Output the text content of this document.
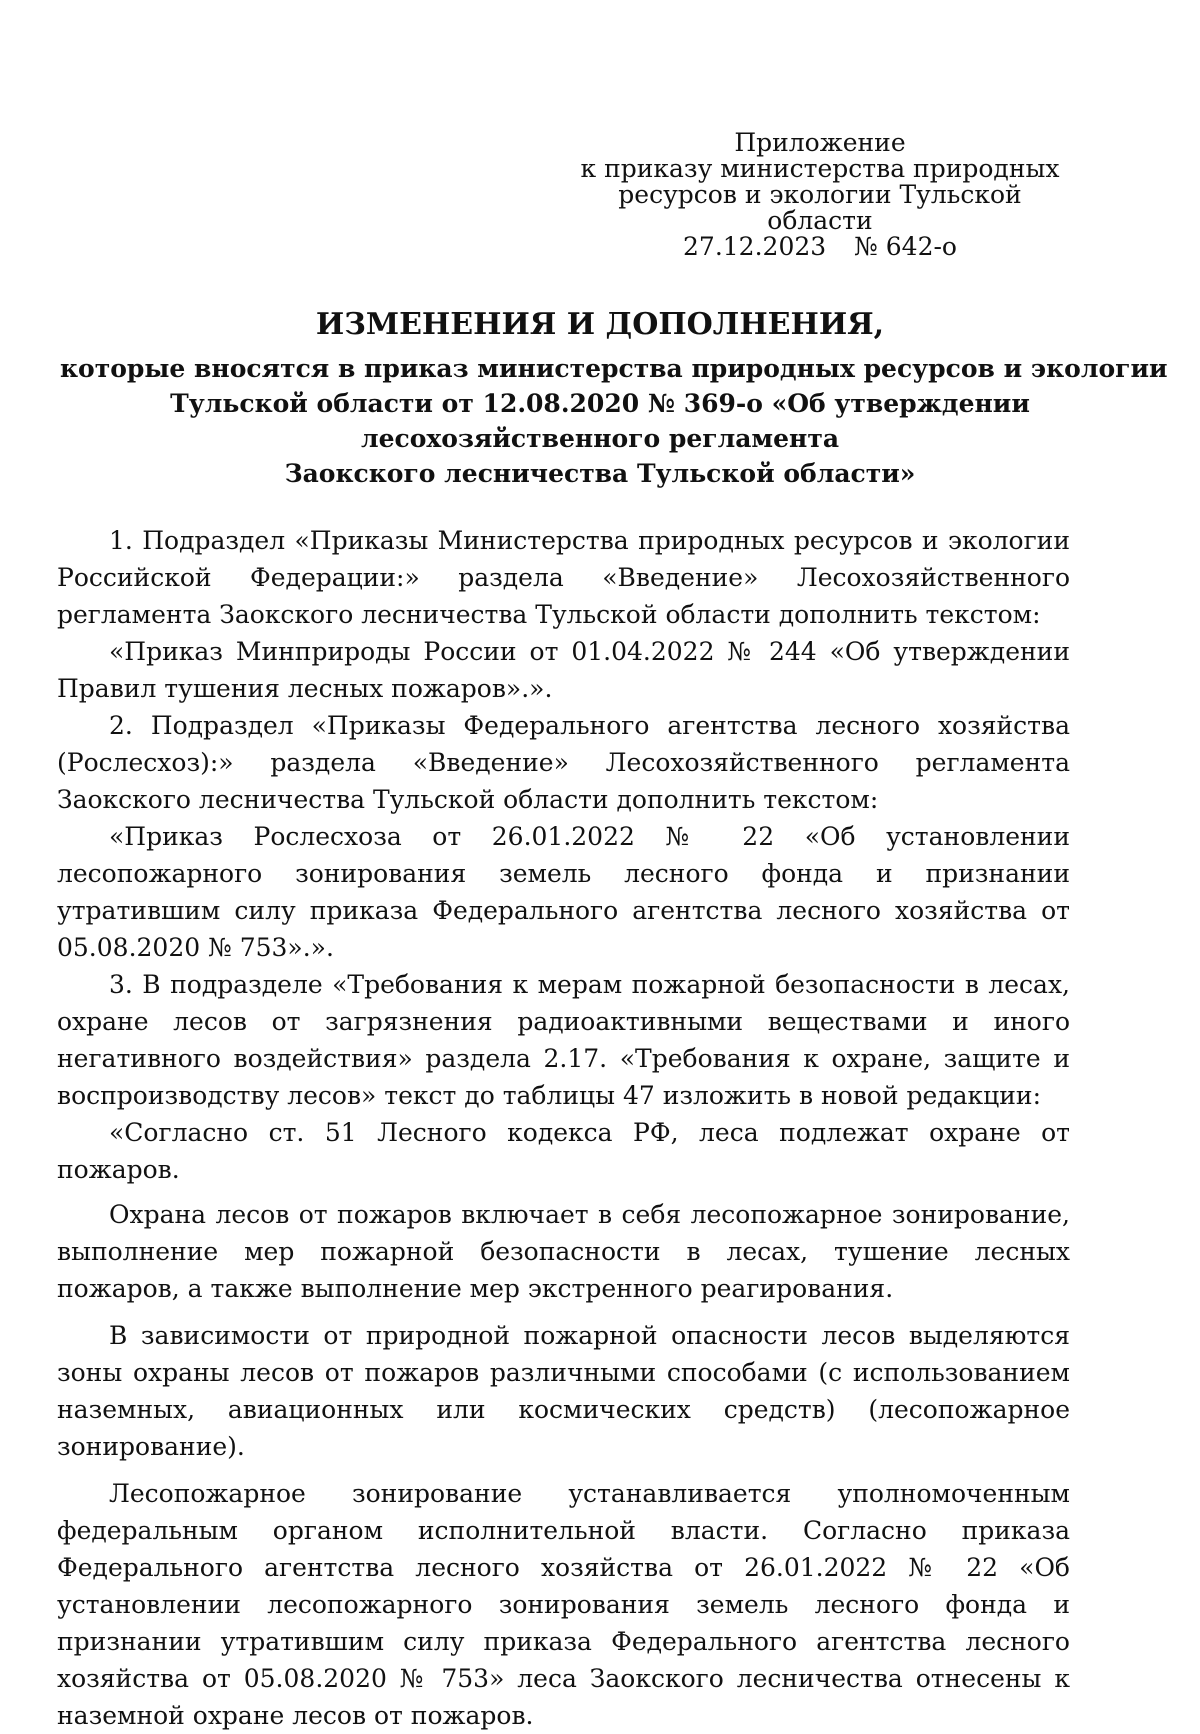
Приложение
к приказу министерства природных
ресурсов и экологии Тульской
области
27.12.2023 № 642-о
ИЗМЕНЕНИЯ И ДОПОЛНЕНИЯ,
которые вносятся в приказ министерства природных ресурсов и экологии
Тульской области от 12.08.2020 № 369-о «Об утверждении
лесохозяйственного регламента
Заокского лесничества Тульской области»

1. Подраздел «Приказы Министерства природных ресурсов и экологии Российской Федерации:» раздела «Введение» Лесохозяйственного регламента Заокского лесничества Тульской области дополнить текстом:

«Приказ Минприроды России от 01.04.2022 № 244 «Об утверждении Правил тушения лесных пожаров».».

2. Подраздел «Приказы Федерального агентства лесного хозяйства (Рослесхоз):» раздела «Введение» Лесохозяйственного регламента Заокского лесничества Тульской области дополнить текстом:

«Приказ Рослесхоза от 26.01.2022 № 22 «Об установлении лесопожарного зонирования земель лесного фонда и признании утратившим силу приказа Федерального агентства лесного хозяйства от 05.08.2020 № 753».».

3. В подразделе «Требования к мерам пожарной безопасности в лесах, охране лесов от загрязнения радиоактивными веществами и иного негативного воздействия» раздела 2.17. «Требования к охране, защите и воспроизводству лесов» текст до таблицы 47 изложить в новой редакции:

«Согласно ст. 51 Лесного кодекса РФ, леса подлежат охране от пожаров.

Охрана лесов от пожаров включает в себя лесопожарное зонирование, выполнение мер пожарной безопасности в лесах, тушение лесных пожаров, а также выполнение мер экстренного реагирования.

В зависимости от природной пожарной опасности лесов выделяются зоны охраны лесов от пожаров различными способами (с использованием наземных, авиационных или космических средств) (лесопожарное зонирование).

Лесопожарное зонирование устанавливается уполномоченным федеральным органом исполнительной власти. Согласно приказа Федерального агентства лесного хозяйства от 26.01.2022 № 22 «Об установлении лесопожарного зонирования земель лесного фонда и признании утратившим силу приказа Федерального агентства лесного хозяйства от 05.08.2020 № 753» леса Заокского лесничества отнесены к наземной охране лесов от пожаров.
